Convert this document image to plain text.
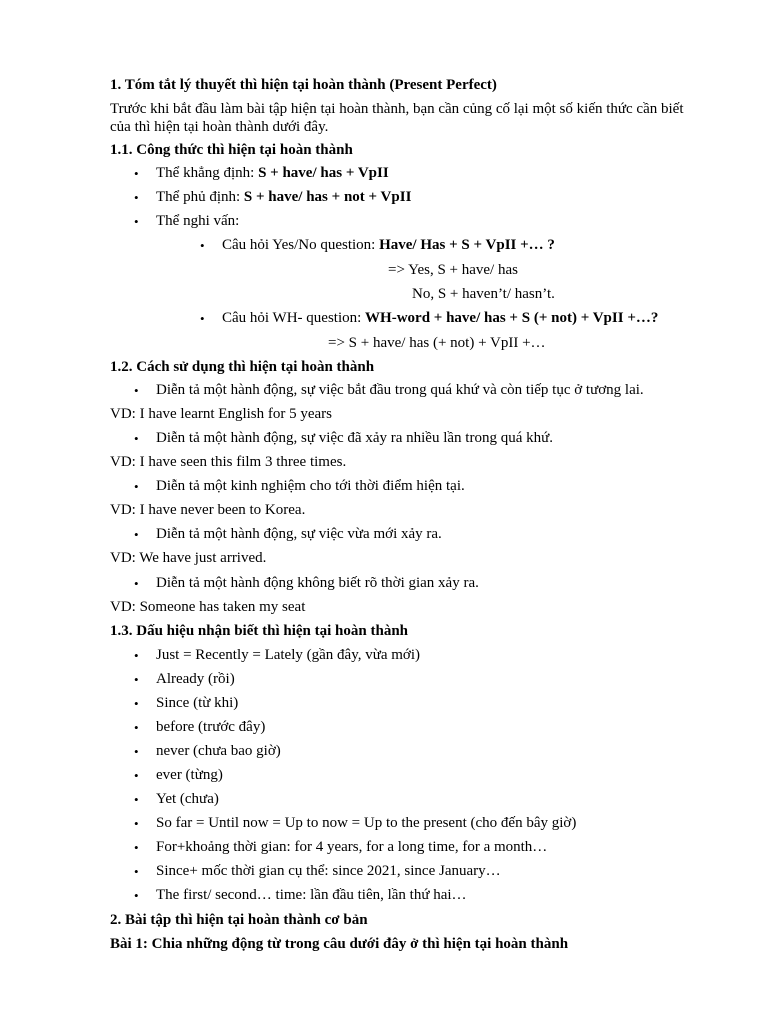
1. Tóm tắt lý thuyết thì hiện tại hoàn thành (Present Perfect)
Trước khi bắt đầu làm bài tập hiện tại hoàn thành, bạn cần củng cố lại một số kiến thức cần biết của thì hiện tại hoàn thành dưới đây.
1.1. Công thức thì hiện tại hoàn thành
• Thể khẳng định: S + have/ has + VpII
• Thể phủ định: S + have/ has + not + VpII
• Thể nghi vấn:
• Câu hỏi Yes/No question: Have/ Has + S + VpII +… ?
=> Yes, S + have/ has
No, S + haven’t/ hasn’t.
• Câu hỏi WH- question: WH-word + have/ has + S (+ not) + VpII +…?
=> S + have/ has (+ not) + VpII +…
1.2. Cách sử dụng thì hiện tại hoàn thành
• Diễn tả một hành động, sự việc bắt đầu trong quá khứ và còn tiếp tục ở tương lai.
VD: I have learnt English for 5 years
• Diễn tả một hành động, sự việc đã xảy ra nhiều lần trong quá khứ.
VD: I have seen this film 3 three times.
• Diễn tả một kinh nghiệm cho tới thời điểm hiện tại.
VD: I have never been to Korea.
• Diễn tả một hành động, sự việc vừa mới xảy ra.
VD: We have just arrived.
• Diễn tả một hành động không biết rõ thời gian xảy ra.
VD: Someone has taken my seat
1.3. Dấu hiệu nhận biết thì hiện tại hoàn thành
• Just = Recently = Lately (gần đây, vừa mới)
• Already (rồi)
• Since (từ khi)
• before (trước đây)
• never (chưa bao giờ)
• ever (từng)
• Yet (chưa)
• So far = Until now = Up to now = Up to the present (cho đến bây giờ)
• For+khoảng thời gian: for 4 years, for a long time, for a month…
• Since+ mốc thời gian cụ thể: since 2021, since January…
• The first/ second… time: lần đầu tiên, lần thứ hai…
2. Bài tập thì hiện tại hoàn thành cơ bản
Bài 1: Chia những động từ trong câu dưới đây ở thì hiện tại hoàn thành
